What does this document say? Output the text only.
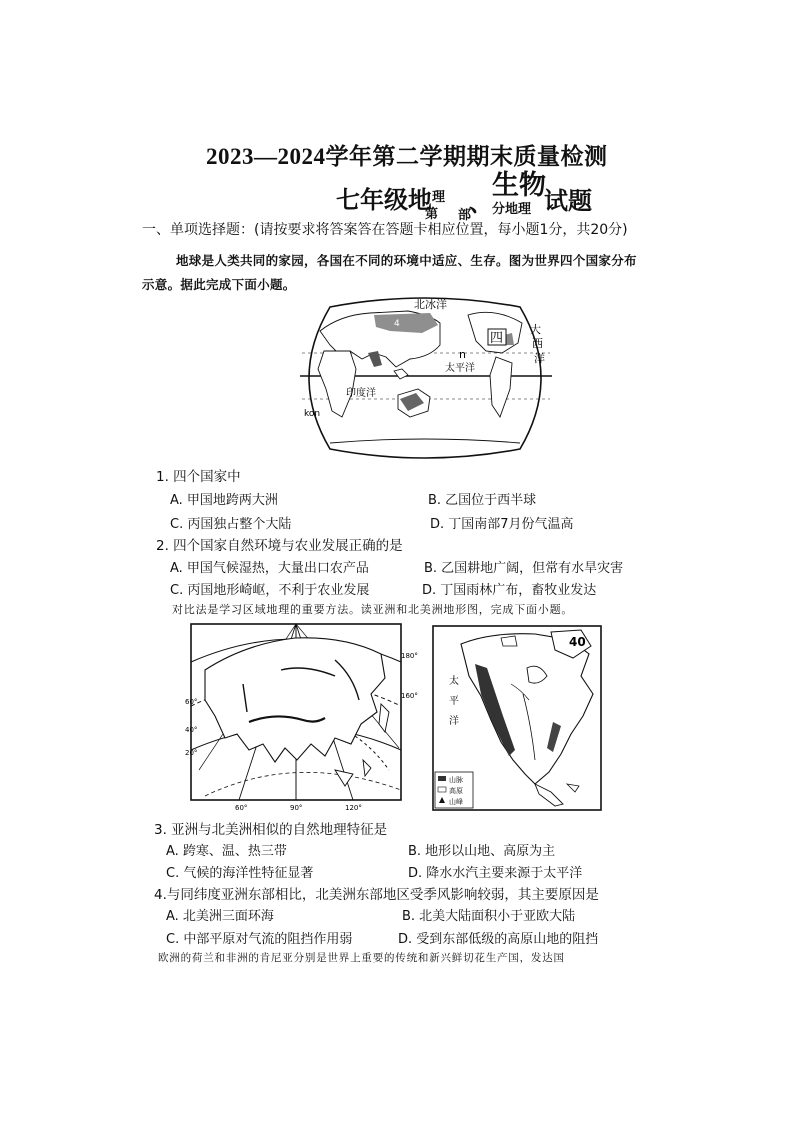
2023—2024学年第二学期期末质量检测
七年级地 理
第 部
、 分地理
生物
试题
一、单项选择题：(请按要求将答案答在答题卡相应位置，每小题1分，共20分)
地球是人类共同的家园，各国在不同的环境中适应、生存。图为世界四个国家分布
示意。据此完成下面小题。
北冰洋
4
n
太平洋
印度洋
kon
大
西
洋
四
1. 四个国家中
A. 甲国地跨两大洲	B. 乙国位于西半球
C. 丙国独占整个大陆	D. 丁国南部7月份气温高
2. 四个国家自然环境与农业发展正确的是
A. 甲国气候湿热，大量出口农产品	B. 乙国耕地广阔，但常有水旱灾害
C. 丙国地形崎岖，不利于农业发展	D. 丁国雨林广布，畜牧业发达
对比法是学习区域地理的重要方法。读亚洲和北美洲地形图，完成下面小题。
60°
40°
20°
60°	90°	120°
180°
160°
太
平
洋
40
山脉
高原
山峰
3. 亚洲与北美洲相似的自然地理特征是
A. 跨寒、温、热三带	B. 地形以山地、高原为主
C. 气候的海洋性特征显著	D. 降水水汽主要来源于太平洋
4.与同纬度亚洲东部相比，北美洲东部地区受季风影响较弱，其主要原因是
A. 北美洲三面环海	B. 北美大陆面积小于亚欧大陆
C. 中部平原对气流的阻挡作用弱	D. 受到东部低级的高原山地的阻挡
欧洲的荷兰和非洲的肯尼亚分别是世界上重要的传统和新兴鲜切花生产国，发达国
